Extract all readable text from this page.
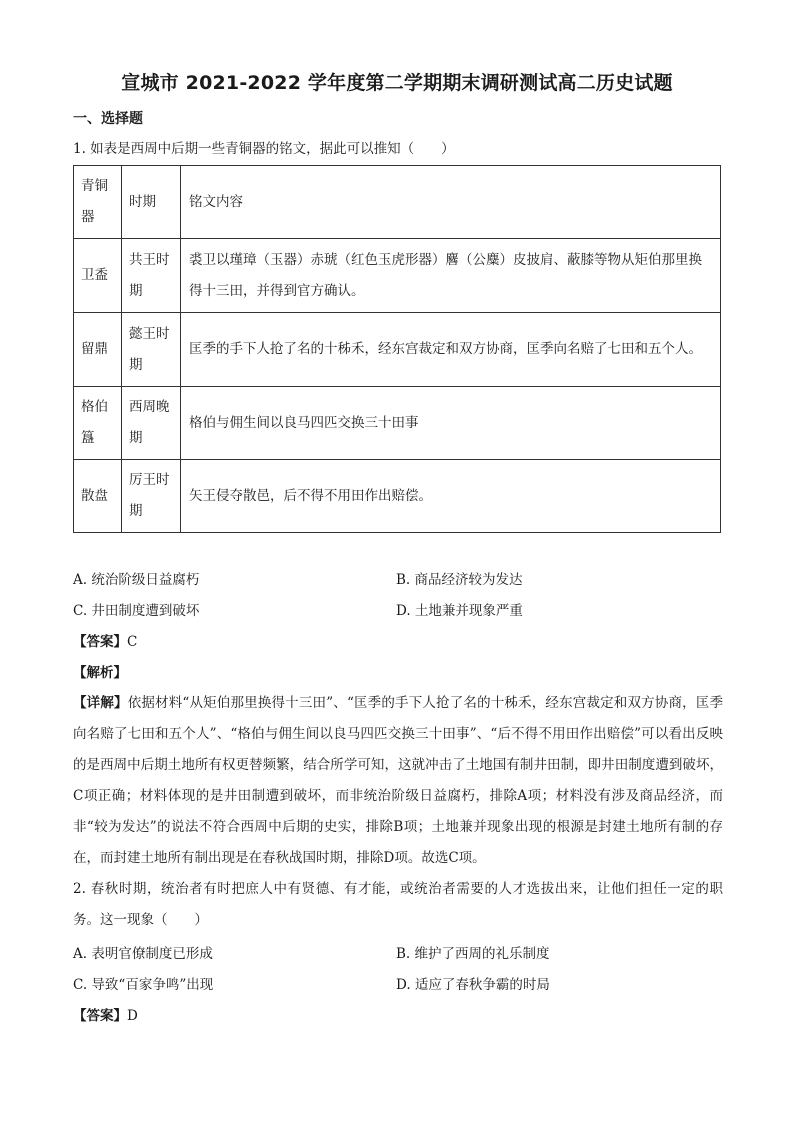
宣城市 2021-2022 学年度第二学期期末调研测试高二历史试题
一、选择题
1. 如表是西周中后期一些青铜器的铭文，据此可以推知（　　）
青铜器	时期	铭文内容
卫盉	共王时期	裘卫以瑾璋（玉器）赤琥（红色玉虎形器）麔（公麋）皮披肩、蔽膝等物从矩伯那里换得十三田，并得到官方确认。
留鼎	懿王时期	匡季的手下人抢了名的十秭禾，经东宫裁定和双方协商，匡季向名赔了七田和五个人。
格伯簋	西周晚期	格伯与佣生间以良马四匹交换三十田事
散盘	厉王时期	矢王侵夺散邑，后不得不用田作出赔偿。
A. 统治阶级日益腐朽	B. 商品经济较为发达
C. 井田制度遭到破坏	D. 土地兼并现象严重
【答案】C
【解析】
【详解】依据材料“从矩伯那里换得十三田”、“匡季的手下人抢了名的十秭禾，经东宫裁定和双方协商，匡季向名赔了七田和五个人”、“格伯与佣生间以良马四匹交换三十田事”、“后不得不用田作出赔偿”可以看出反映的是西周中后期土地所有权更替频繁，结合所学可知，这就冲击了土地国有制井田制，即井田制度遭到破坏，C项正确；材料体现的是井田制遭到破坏，而非统治阶级日益腐朽，排除A项；材料没有涉及商品经济，而非“较为发达”的说法不符合西周中后期的史实，排除B项；土地兼并现象出现的根源是封建土地所有制的存在，而封建土地所有制出现是在春秋战国时期，排除D项。故选C项。
2. 春秋时期，统治者有时把庶人中有贤德、有才能，或统治者需要的人才选拔出来，让他们担任一定的职务。这一现象（　　）
A. 表明官僚制度已形成	B. 维护了西周的礼乐制度
C. 导致“百家争鸣”出现	D. 适应了春秋争霸的时局
【答案】D
